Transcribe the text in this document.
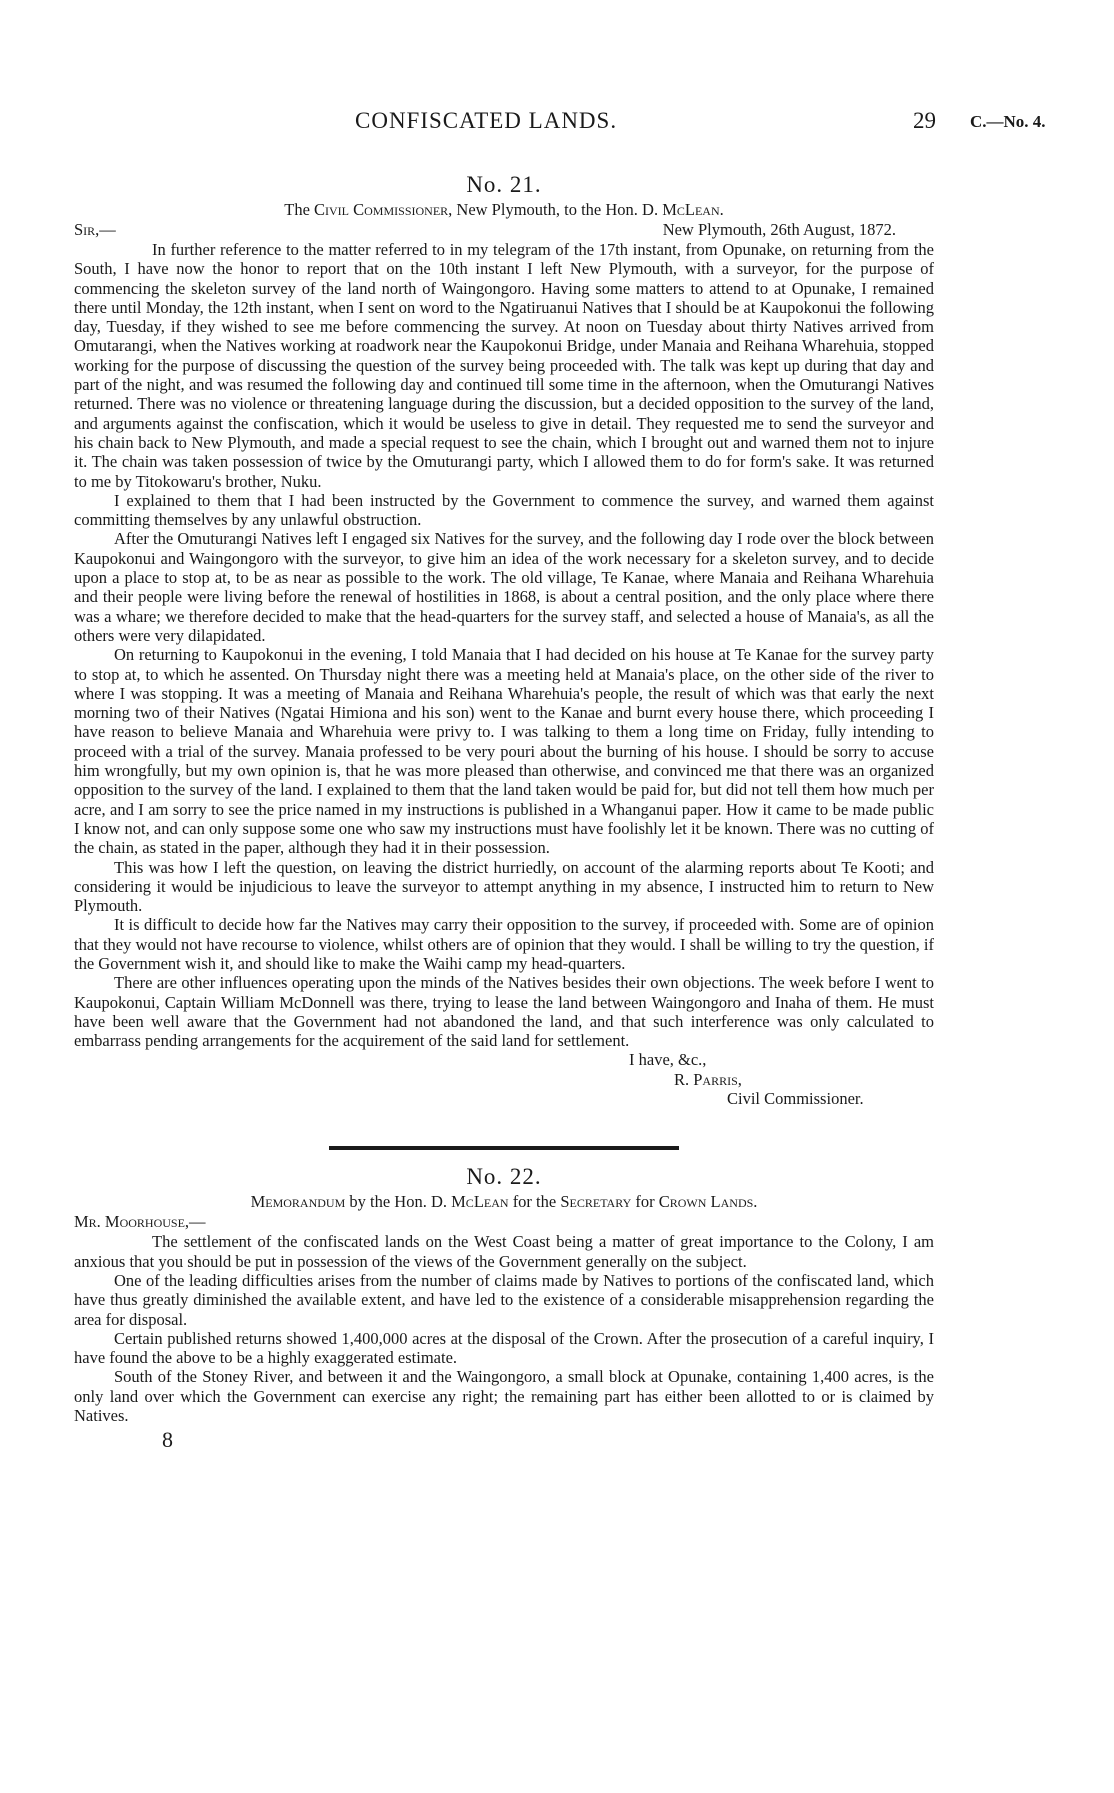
CONFISCATED LANDS.	29 C.—No. 4.
No. 21.
The Civil Commissioner, New Plymouth, to the Hon. D. McLean.
Sir,—	New Plymouth, 26th August, 1872.

In further reference to the matter referred to in my telegram of the 17th instant, from Opunake, on returning from the South, I have now the honor to report that on the 10th instant I left New Plymouth, with a surveyor, for the purpose of commencing the skeleton survey of the land north of Waingongoro. Having some matters to attend to at Opunake, I remained there until Monday, the 12th instant, when I sent on word to the Ngatiruanui Natives that I should be at Kaupokonui the following day, Tuesday, if they wished to see me before commencing the survey. At noon on Tuesday about thirty Natives arrived from Omutarangi, when the Natives working at roadwork near the Kaupokonui Bridge, under Manaia and Reihana Wharehuia, stopped working for the purpose of discussing the question of the survey being proceeded with. The talk was kept up during that day and part of the night, and was resumed the following day and continued till some time in the afternoon, when the Omuturangi Natives returned. There was no violence or threatening language during the discussion, but a decided opposition to the survey of the land, and arguments against the confiscation, which it would be useless to give in detail. They requested me to send the surveyor and his chain back to New Plymouth, and made a special request to see the chain, which I brought out and warned them not to injure it. The chain was taken possession of twice by the Omuturangi party, which I allowed them to do for form's sake. It was returned to me by Titokowaru's brother, Nuku.

I explained to them that I had been instructed by the Government to commence the survey, and warned them against committing themselves by any unlawful obstruction.

After the Omuturangi Natives left I engaged six Natives for the survey, and the following day I rode over the block between Kaupokonui and Waingongoro with the surveyor, to give him an idea of the work necessary for a skeleton survey, and to decide upon a place to stop at, to be as near as possible to the work. The old village, Te Kanae, where Manaia and Reihana Wharehuia and their people were living before the renewal of hostilities in 1868, is about a central position, and the only place where there was a whare; we therefore decided to make that the head-quarters for the survey staff, and selected a house of Manaia's, as all the others were very dilapidated.

On returning to Kaupokonui in the evening, I told Manaia that I had decided on his house at Te Kanae for the survey party to stop at, to which he assented. On Thursday night there was a meeting held at Manaia's place, on the other side of the river to where I was stopping. It was a meeting of Manaia and Reihana Wharehuia's people, the result of which was that early the next morning two of their Natives (Ngatai Himiona and his son) went to the Kanae and burnt every house there, which proceeding I have reason to believe Manaia and Wharehuia were privy to. I was talking to them a long time on Friday, fully intending to proceed with a trial of the survey. Manaia professed to be very pouri about the burning of his house. I should be sorry to accuse him wrongfully, but my own opinion is, that he was more pleased than otherwise, and convinced me that there was an organized opposition to the survey of the land. I explained to them that the land taken would be paid for, but did not tell them how much per acre, and I am sorry to see the price named in my instructions is published in a Whanganui paper. How it came to be made public I know not, and can only suppose some one who saw my instructions must have foolishly let it be known. There was no cutting of the chain, as stated in the paper, although they had it in their possession.

This was how I left the question, on leaving the district hurriedly, on account of the alarming reports about Te Kooti; and considering it would be injudicious to leave the surveyor to attempt anything in my absence, I instructed him to return to New Plymouth.

It is difficult to decide how far the Natives may carry their opposition to the survey, if proceeded with. Some are of opinion that they would not have recourse to violence, whilst others are of opinion that they would. I shall be willing to try the question, if the Government wish it, and should like to make the Waihi camp my head-quarters.

There are other influences operating upon the minds of the Natives besides their own objections. The week before I went to Kaupokonui, Captain William McDonnell was there, trying to lease the land between Waingongoro and Inaha of them. He must have been well aware that the Government had not abandoned the land, and that such interference was only calculated to embarrass pending arrangements for the acquirement of the said land for settlement.

I have, &c.,
R. Parris,
Civil Commissioner.
No. 22.
Memorandum by the Hon. D. McLean for the Secretary for Crown Lands.
Mr. Moorhouse,—

The settlement of the confiscated lands on the West Coast being a matter of great importance to the Colony, I am anxious that you should be put in possession of the views of the Government generally on the subject.

One of the leading difficulties arises from the number of claims made by Natives to portions of the confiscated land, which have thus greatly diminished the available extent, and have led to the existence of a considerable misapprehension regarding the area for disposal.

Certain published returns showed 1,400,000 acres at the disposal of the Crown. After the prosecution of a careful inquiry, I have found the above to be a highly exaggerated estimate.

South of the Stoney River, and between it and the Waingongoro, a small block at Opunake, containing 1,400 acres, is the only land over which the Government can exercise any right; the remaining part has either been allotted to or is claimed by Natives.

8
